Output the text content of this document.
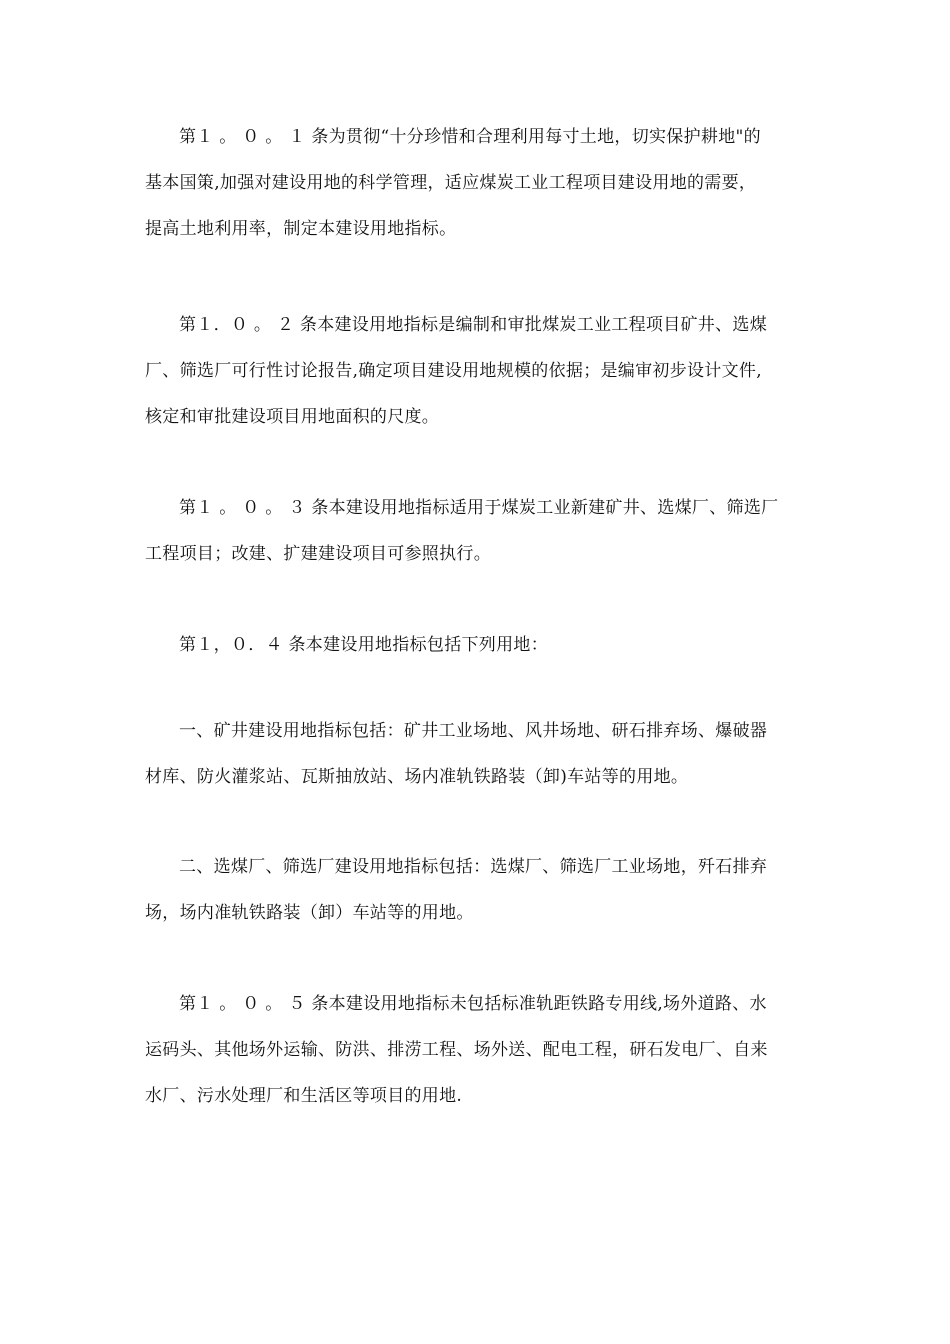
第１ 。 ０ 。 １ 条为贯彻“十分珍惜和合理利用每寸土地，切实保护耕地"的
基本国策,加强对建设用地的科学管理，适应煤炭工业工程项目建设用地的需要，
提高土地利用率，制定本建设用地指标。

第１．０ 。 ２ 条本建设用地指标是编制和审批煤炭工业工程项目矿井、选煤
厂、筛选厂可行性讨论报告,确定项目建设用地规模的依据；是编审初步设计文件,
核定和审批建设项目用地面积的尺度。

第１ 。 ０ 。 ３ 条本建设用地指标适用于煤炭工业新建矿井、选煤厂、筛选厂
工程项目；改建、扩建建设项目可参照执行。

第１，０．４ 条本建设用地指标包括下列用地：

一、矿井建设用地指标包括：矿井工业场地、风井场地、研石排弃场、爆破器
材库、防火灌浆站、瓦斯抽放站、场内准轨铁路装（卸)车站等的用地。

二、选煤厂、筛选厂建设用地指标包括：选煤厂、筛选厂工业场地，歼石排弃
场，场内准轨铁路装（卸）车站等的用地。

第１ 。 ０ 。 ５ 条本建设用地指标未包括标准轨距铁路专用线,场外道路、水
运码头、其他场外运输、防洪、排涝工程、场外送、配电工程，研石发电厂、自来
水厂、污水处理厂和生活区等项目的用地.
